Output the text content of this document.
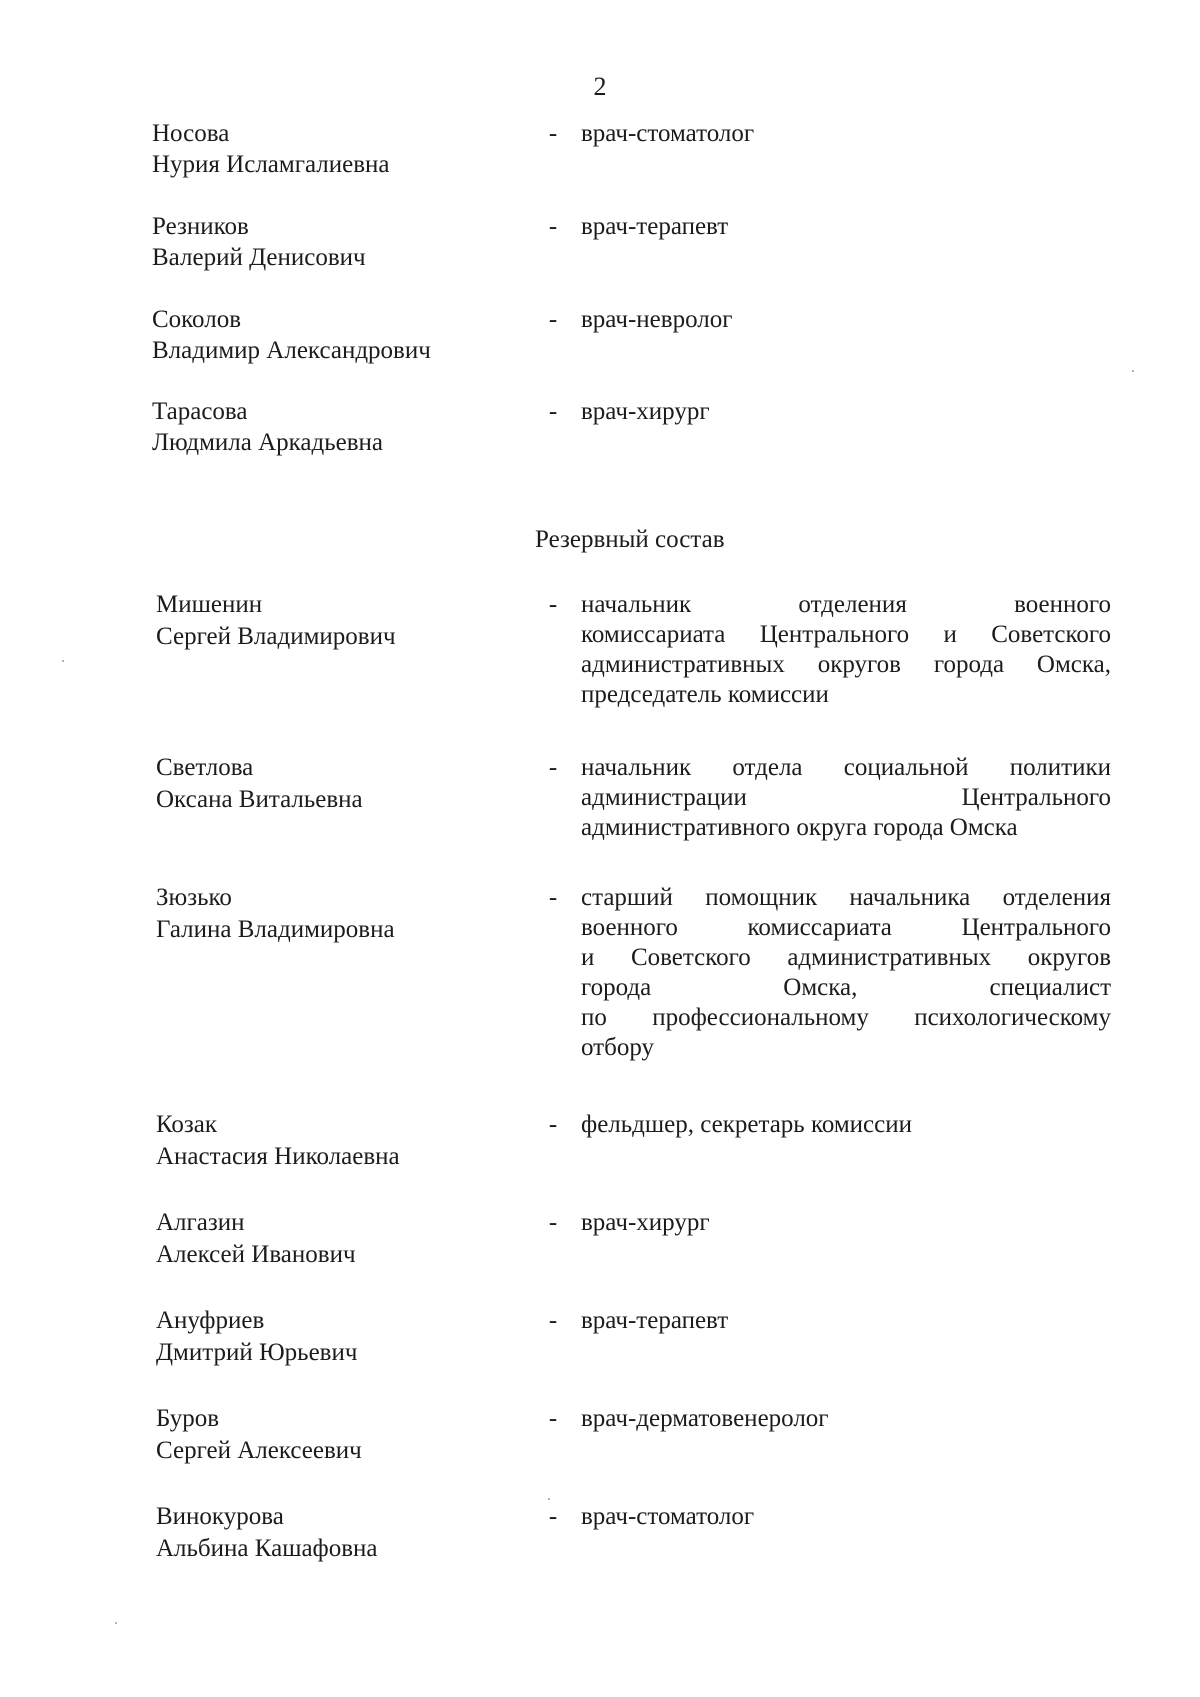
2
Носова
Нурия Исламгалиевна
- врач-стоматолог
Резников
Валерий Денисович
- врач-терапевт
Соколов
Владимир Александрович
- врач-невролог
Тарасова
Людмила Аркадьевна
- врач-хирург
Резервный состав
Мишенин
Сергей Владимирович
- начальник отделения военного
комиссариата Центрального и Советского
административных округов города Омска,
председатель комиссии
Светлова
Оксана Витальевна
- начальник отдела социальной политики
администрации Центрального
административного округа города Омска
Зюзько
Галина Владимировна
- старший помощник начальника отделения
военного комиссариата Центрального
и Советского административных округов
города Омска, специалист
по профессиональному психологическому
отбору
Козак
Анастасия Николаевна
- фельдшер, секретарь комиссии
Алгазин
Алексей Иванович
- врач-хирург
Ануфриев
Дмитрий Юрьевич
- врач-терапевт
Буров
Сергей Алексеевич
- врач-дерматовенеролог
Винокурова
Альбина Кашафовна
- врач-стоматолог
